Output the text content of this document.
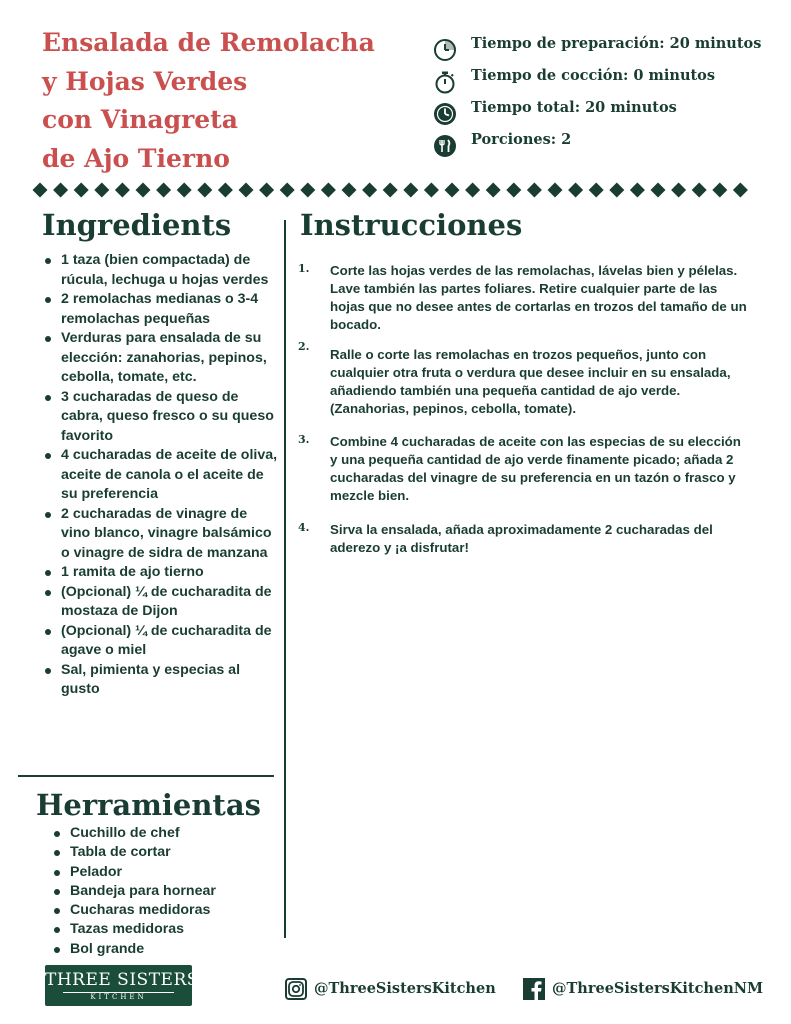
Ensalada de Remolacha
y Hojas Verdes
con Vinagreta
de Ajo Tierno
Tiempo de preparación: 20 minutos
Tiempo de cocción: 0 minutos
Tiempo total: 20 minutos
Porciones: 2
Ingredients
1 taza (bien compactada) de rúcula, lechuga u hojas verdes
2 remolachas medianas o 3-4 remolachas pequeñas
Verduras para ensalada de su elección: zanahorias, pepinos, cebolla, tomate, etc.
3 cucharadas de queso de cabra, queso fresco o su queso favorito
4 cucharadas de aceite de oliva, aceite de canola o el aceite de su preferencia
2 cucharadas de vinagre de vino blanco, vinagre balsámico o vinagre de sidra de manzana
1 ramita de ajo tierno
(Opcional) ¼ de cucharadita de mostaza de Dijon
(Opcional) ¼ de cucharadita de agave o miel
Sal, pimienta y especias al gusto
Herramientas
Cuchillo de chef
Tabla de cortar
Pelador
Bandeja para hornear
Cucharas medidoras
Tazas medidoras
Bol grande
Instrucciones
1. Corte las hojas verdes de las remolachas, lávelas bien y pélelas. Lave también las partes foliares. Retire cualquier parte de las hojas que no desee antes de cortarlas en trozos del tamaño de un bocado.
2.
Ralle o corte las remolachas en trozos pequeños, junto con cualquier otra fruta o verdura que desee incluir en su ensalada, añadiendo también una pequeña cantidad de ajo verde. (Zanahorias, pepinos, cebolla, tomate).
3. Combine 4 cucharadas de aceite con las especias de su elección y una pequeña cantidad de ajo verde finamente picado; añada 2 cucharadas del vinagre de su preferencia en un tazón o frasco y mezcle bien.
4. Sirva la ensalada, añada aproximadamente 2 cucharadas del aderezo y ¡a disfrutar!
THREE SISTERS
KITCHEN	@ThreeSistersKitchen	@ThreeSistersKitchenNM
